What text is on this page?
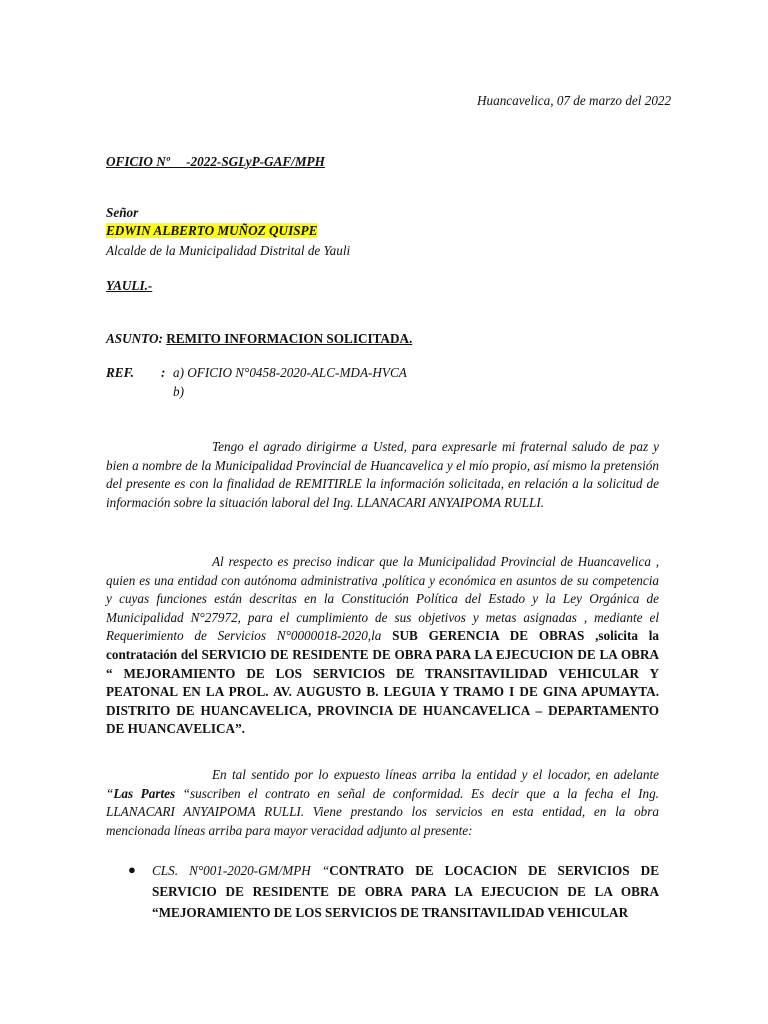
Huancavelica, 07 de marzo del 2022
OFICIO Nº     -2022-SGLyP-GAF/MPH
Señor
EDWIN ALBERTO MUÑOZ QUISPE
Alcalde de la Municipalidad Distrital de Yauli
YAULI.-
ASUNTO: REMITO INFORMACION SOLICITADA.
REF. : a) OFICIO N°0458-2020-ALC-MDA-HVCA
b)
Tengo el agrado dirigirme a Usted, para expresarle mi fraternal saludo de paz y bien a nombre de la Municipalidad Provincial de Huancavelica y el mío propio, así mismo la pretensión del presente es con la finalidad de REMITIRLE la información solicitada, en relación a la solicitud de información sobre la situación laboral del Ing. LLANACARI ANYAIPOMA RULLI.
Al respecto es preciso indicar que la Municipalidad Provincial de Huancavelica , quien es una entidad con autónoma administrativa ,política y económica en asuntos de su competencia y cuyas funciones están descritas en la Constitución Política del Estado y la Ley Orgánica de Municipalidad N°27972, para el cumplimiento de sus objetivos y metas asignadas , mediante el Requerimiento de Servicios N°0000018-2020,la SUB GERENCIA DE OBRAS ,solicita la contratación del SERVICIO DE RESIDENTE DE OBRA PARA LA EJECUCION DE LA OBRA “ MEJORAMIENTO DE LOS SERVICIOS DE TRANSITAVILIDAD VEHICULAR Y PEATONAL EN LA PROL. AV. AUGUSTO B. LEGUIA Y TRAMO I DE GINA APUMAYTA. DISTRITO DE HUANCAVELICA, PROVINCIA DE HUANCAVELICA – DEPARTAMENTO DE HUANCAVELICA”.
En tal sentido por lo expuesto líneas arriba la entidad y el locador, en adelante “Las Partes “suscriben el contrato en señal de conformidad. Es decir que a la fecha el Ing. LLANACARI ANYAIPOMA RULLI. Viene prestando los servicios en esta entidad, en la obra mencionada líneas arriba para mayor veracidad adjunto al presente:
● CLS. N°001-2020-GM/MPH “CONTRATO DE LOCACION DE SERVICIOS DE SERVICIO DE RESIDENTE DE OBRA PARA LA EJECUCION DE LA OBRA “MEJORAMIENTO DE LOS SERVICIOS DE TRANSITAVILIDAD VEHICULAR
